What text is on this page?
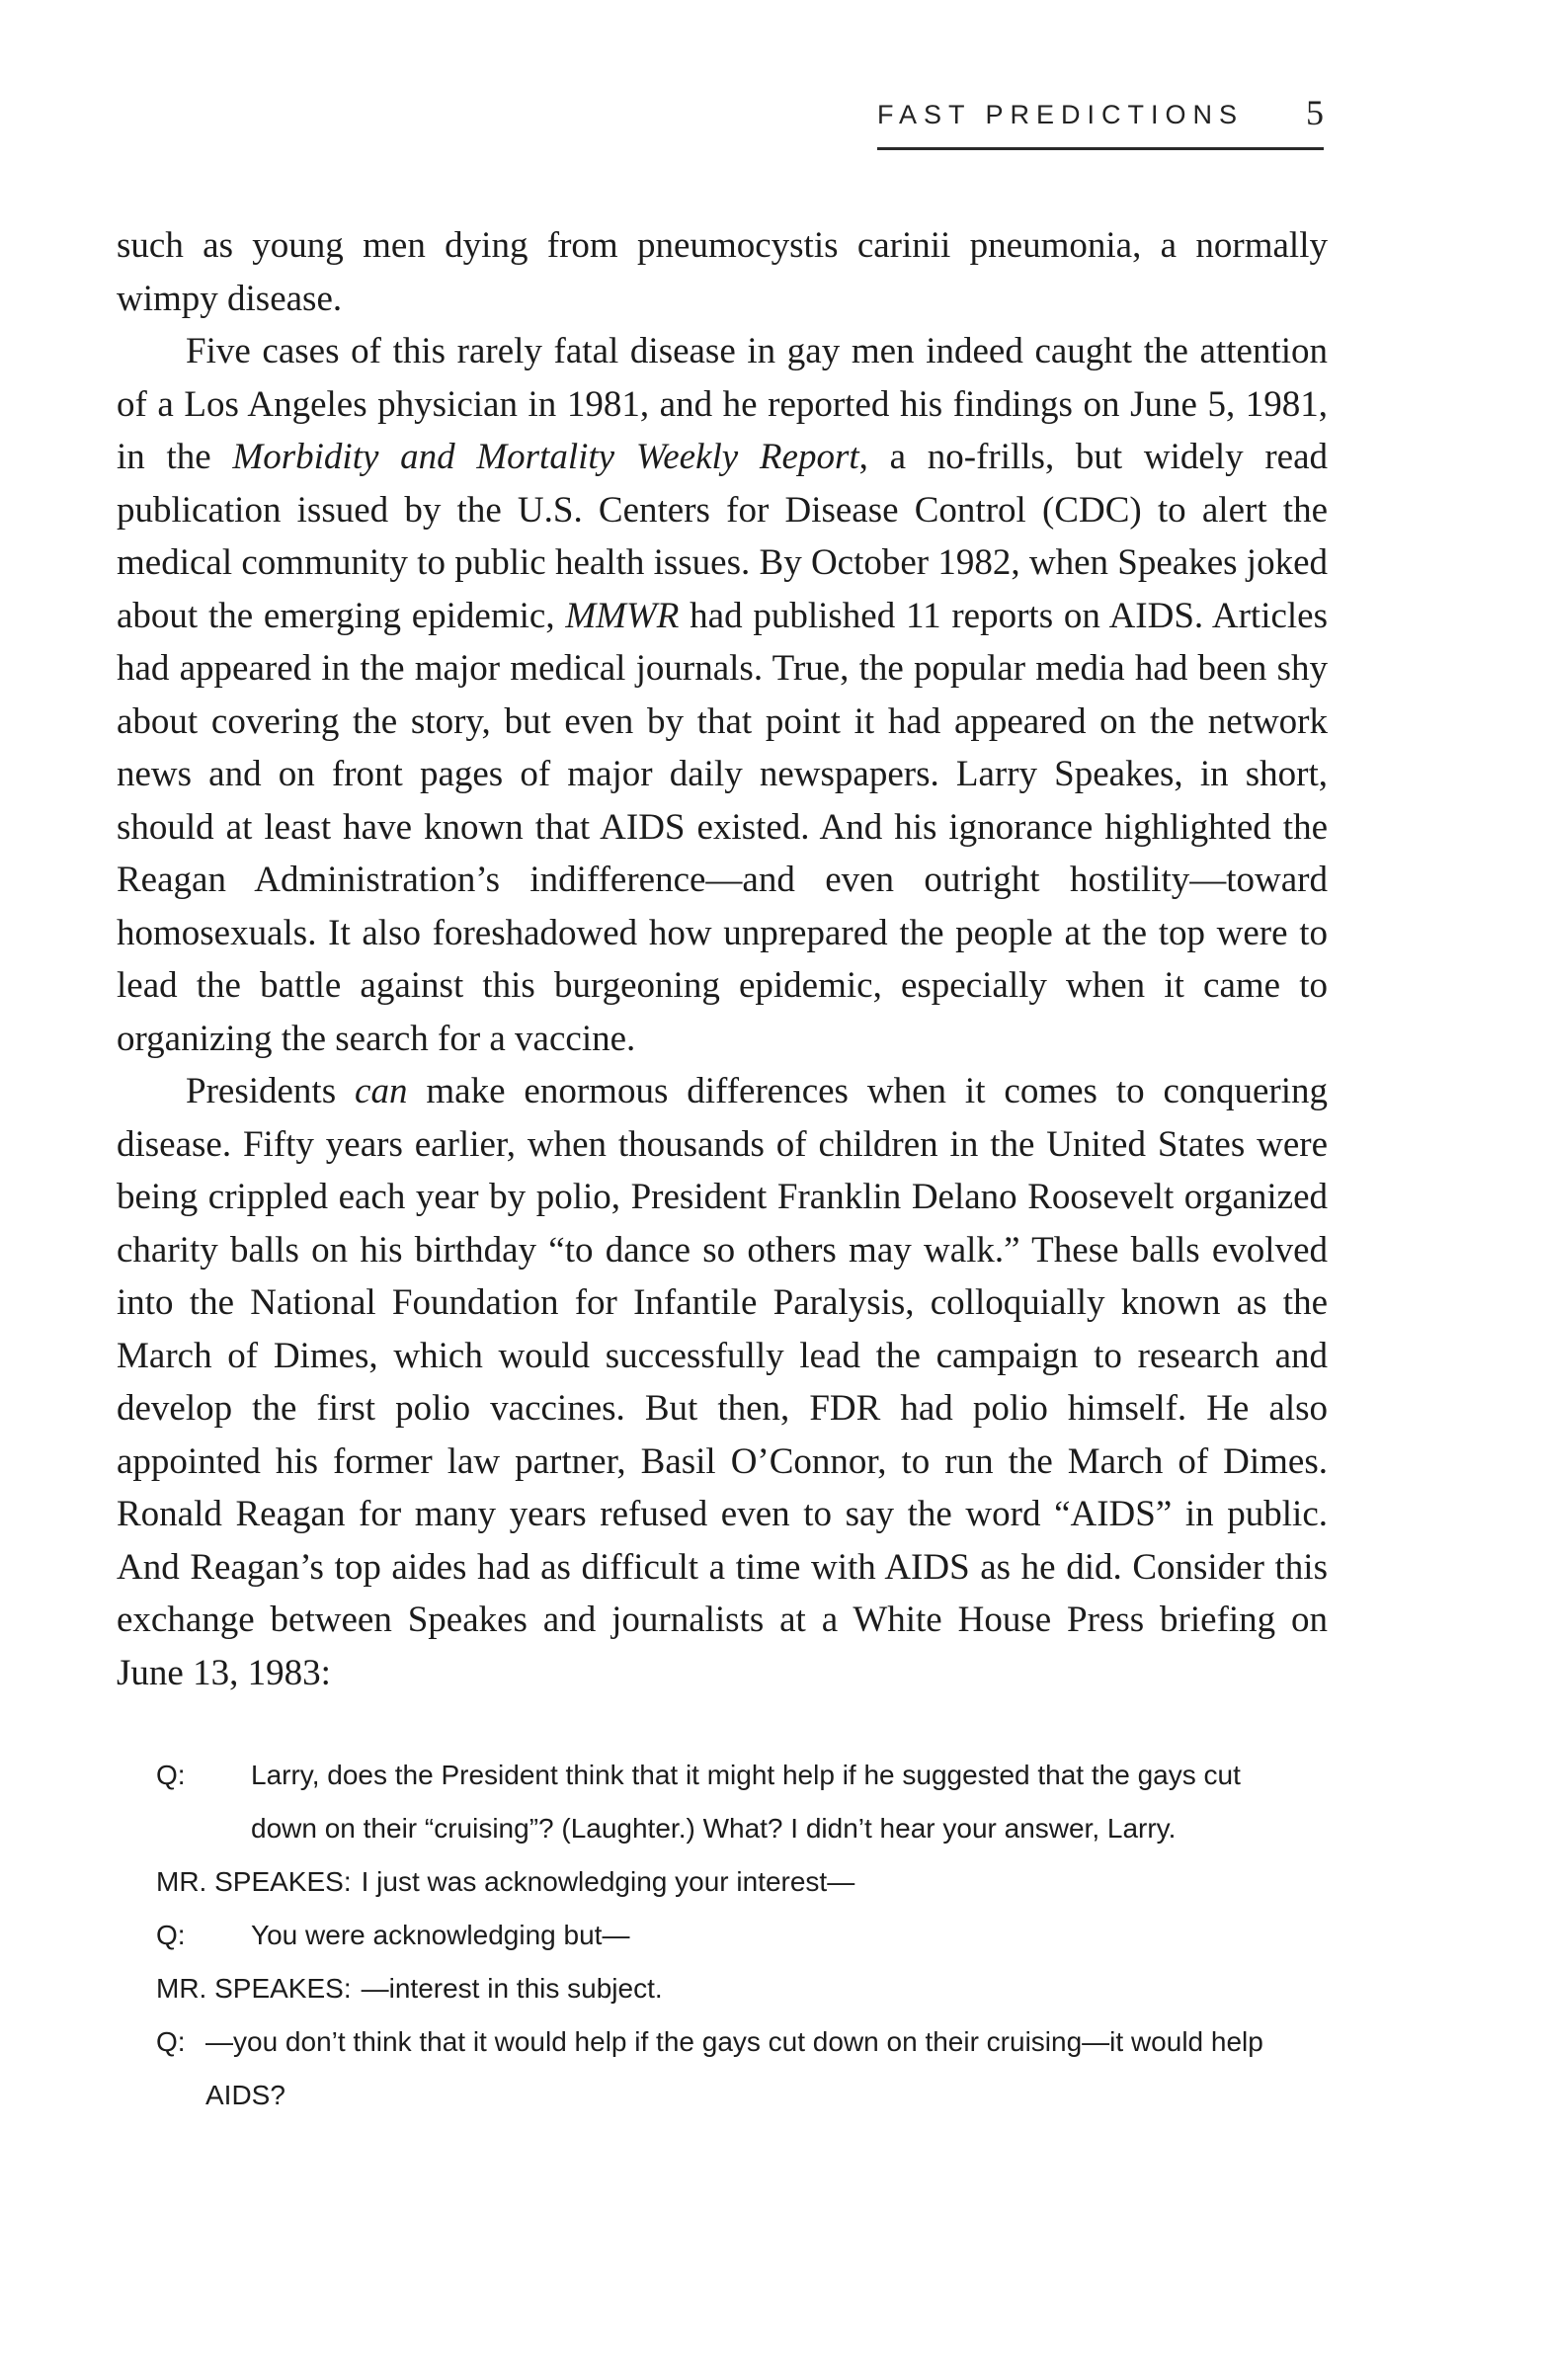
FAST PREDICTIONS 5

such as young men dying from pneumocystis carinii pneumonia, a normally wimpy disease.

Five cases of this rarely fatal disease in gay men indeed caught the attention of a Los Angeles physician in 1981, and he reported his findings on June 5, 1981, in the Morbidity and Mortality Weekly Report, a no-frills, but widely read publication issued by the U.S. Centers for Disease Control (CDC) to alert the medical community to public health issues. By October 1982, when Speakes joked about the emerging epidemic, MMWR had published 11 reports on AIDS. Articles had appeared in the major medical journals. True, the popular media had been shy about covering the story, but even by that point it had appeared on the network news and on front pages of major daily newspapers. Larry Speakes, in short, should at least have known that AIDS existed. And his ignorance highlighted the Reagan Administration’s indifference—and even outright hostility—toward homosexuals. It also foreshadowed how unprepared the people at the top were to lead the battle against this burgeoning epidemic, especially when it came to organizing the search for a vaccine.

Presidents can make enormous differences when it comes to conquering disease. Fifty years earlier, when thousands of children in the United States were being crippled each year by polio, President Franklin Delano Roosevelt organized charity balls on his birthday “to dance so others may walk.” These balls evolved into the National Foundation for Infantile Paralysis, colloquially known as the March of Dimes, which would successfully lead the campaign to research and develop the first polio vaccines. But then, FDR had polio himself. He also appointed his former law partner, Basil O’Connor, to run the March of Dimes. Ronald Reagan for many years refused even to say the word “AIDS” in public. And Reagan’s top aides had as difficult a time with AIDS as he did. Consider this exchange between Speakes and journalists at a White House Press briefing on June 13, 1983:

Q: Larry, does the President think that it might help if he suggested that the gays cut down on their “cruising”? (Laughter.) What? I didn’t hear your answer, Larry.

MR. SPEAKES: I just was acknowledging your interest—

Q: You were acknowledging but—

MR. SPEAKES: —interest in this subject.

Q: —you don’t think that it would help if the gays cut down on their cruising—it would help AIDS?
